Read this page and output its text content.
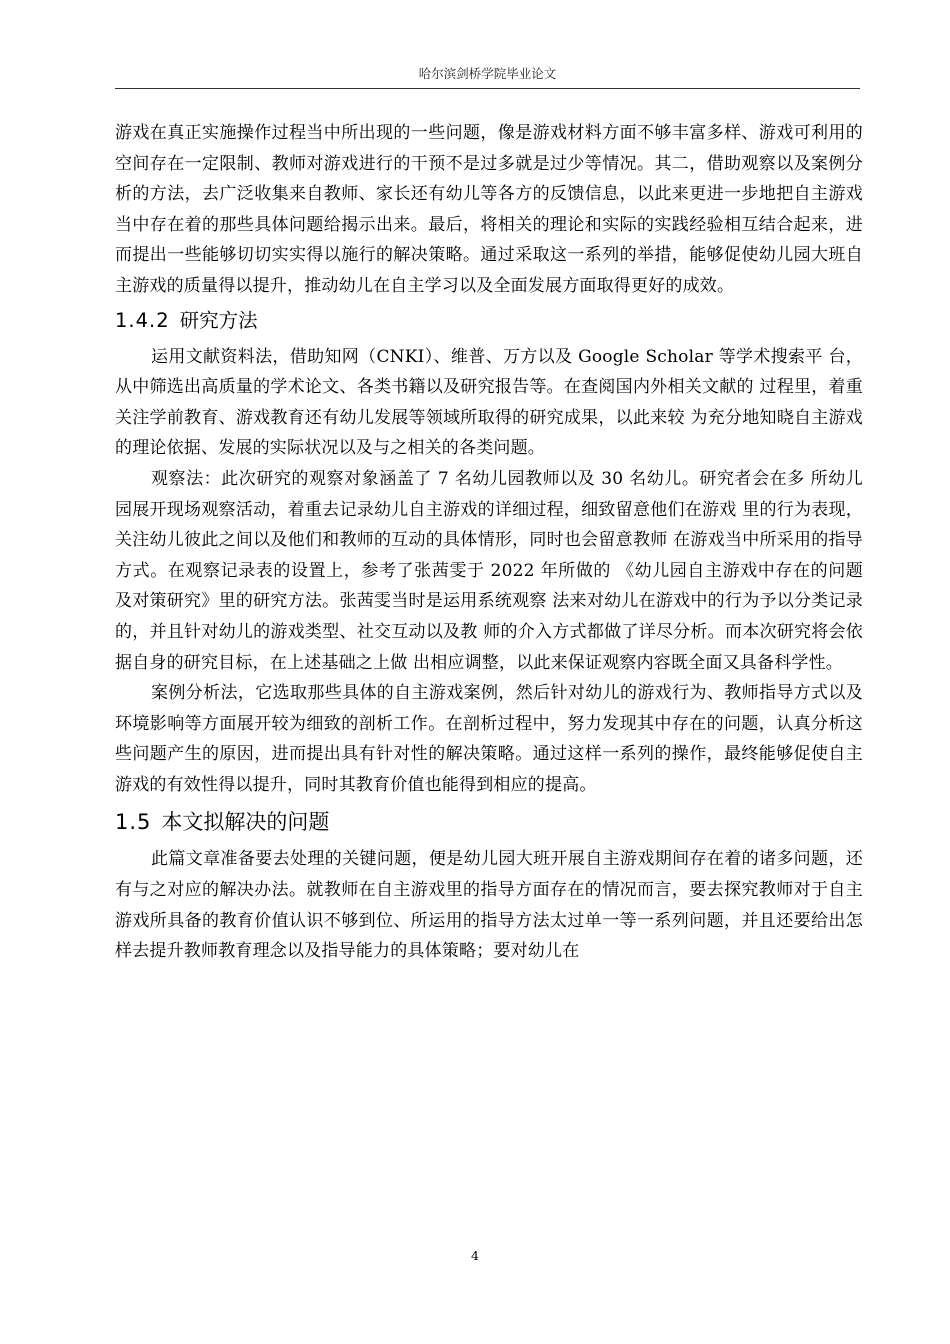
哈尔滨剑桥学院毕业论文

游戏在真正实施操作过程当中所出现的一些问题，像是游戏材料方面不够丰富多样、游戏可利用的空间存在一定限制、教师对游戏进行的干预不是过多就是过少等情况。其二，借助观察以及案例分析的方法，去广泛收集来自教师、家长还有幼儿等各方的反馈信息，以此来更进一步地把自主游戏当中存在着的那些具体问题给揭示出来。最后，将相关的理论和实际的实践经验相互结合起来，进而提出一些能够切切实实得以施行的解决策略。通过采取这一系列的举措，能够促使幼儿园大班自主游戏的质量得以提升，推动幼儿在自主学习以及全面发展方面取得更好的成效。

1.4.2 研究方法

运用文献资料法，借助知网（CNKI）、维普、万方以及 Google Scholar 等学术搜索平 台，从中筛选出高质量的学术论文、各类书籍以及研究报告等。在查阅国内外相关文献的 过程里，着重关注学前教育、游戏教育还有幼儿发展等领域所取得的研究成果，以此来较 为充分地知晓自主游戏的理论依据、发展的实际状况以及与之相关的各类问题。

观察法：此次研究的观察对象涵盖了 7 名幼儿园教师以及 30 名幼儿。研究者会在多 所幼儿园展开现场观察活动，着重去记录幼儿自主游戏的详细过程，细致留意他们在游戏 里的行为表现，关注幼儿彼此之间以及他们和教师的互动的具体情形，同时也会留意教师 在游戏当中所采用的指导方式。在观察记录表的设置上，参考了张茜雯于 2022 年所做的 《幼儿园自主游戏中存在的问题及对策研究》里的研究方法。张茜雯当时是运用系统观察 法来对幼儿在游戏中的行为予以分类记录的，并且针对幼儿的游戏类型、社交互动以及教 师的介入方式都做了详尽分析。而本次研究将会依据自身的研究目标，在上述基础之上做 出相应调整，以此来保证观察内容既全面又具备科学性。

案例分析法，它选取那些具体的自主游戏案例，然后针对幼儿的游戏行为、教师指导方式以及环境影响等方面展开较为细致的剖析工作。在剖析过程中，努力发现其中存在的问题，认真分析这些问题产生的原因，进而提出具有针对性的解决策略。通过这样一系列的操作，最终能够促使自主游戏的有效性得以提升，同时其教育价值也能得到相应的提高。

1.5 本文拟解决的问题

此篇文章准备要去处理的关键问题，便是幼儿园大班开展自主游戏期间存在着的诸多问题，还有与之对应的解决办法。就教师在自主游戏里的指导方面存在的情况而言，要去探究教师对于自主游戏所具备的教育价值认识不够到位、所运用的指导方法太过单一等一系列问题，并且还要给出怎样去提升教师教育理念以及指导能力的具体策略；要对幼儿在

4
